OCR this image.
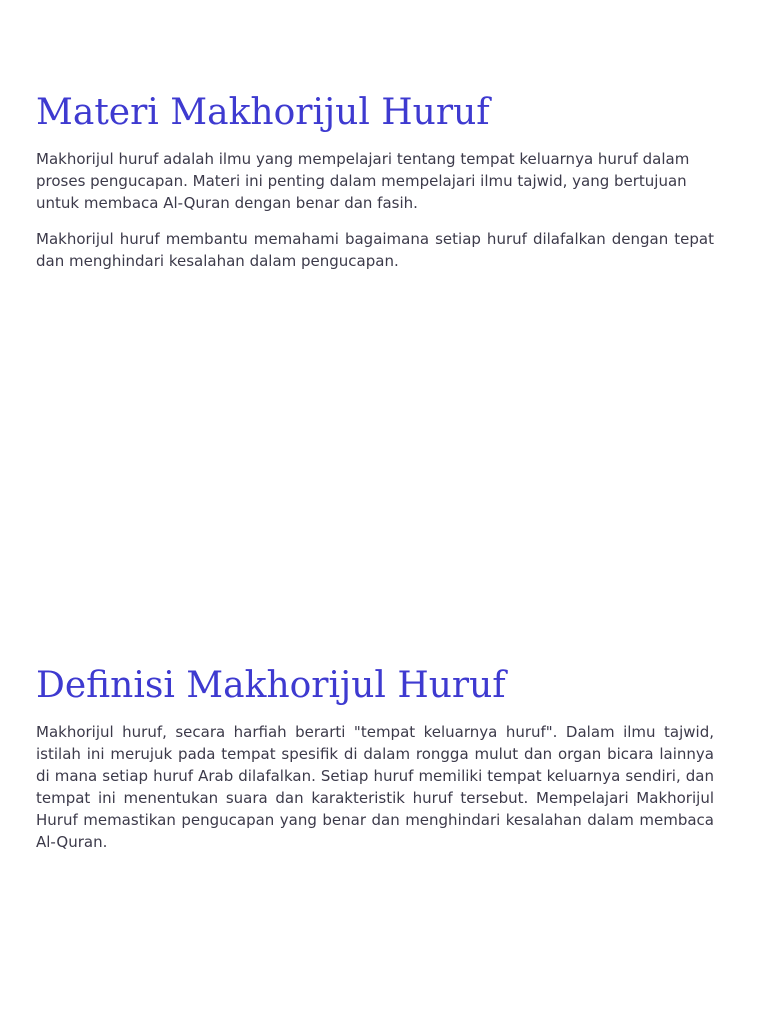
Materi Makhorijul Huruf

Makhorijul huruf adalah ilmu yang mempelajari tentang tempat keluarnya huruf dalam proses pengucapan. Materi ini penting dalam mempelajari ilmu tajwid, yang bertujuan untuk membaca Al-Quran dengan benar dan fasih.

Makhorijul huruf membantu memahami bagaimana setiap huruf dilafalkan dengan tepat dan menghindari kesalahan dalam pengucapan.

Definisi Makhorijul Huruf

Makhorijul huruf, secara harfiah berarti "tempat keluarnya huruf". Dalam ilmu tajwid, istilah ini merujuk pada tempat spesifik di dalam rongga mulut dan organ bicara lainnya di mana setiap huruf Arab dilafalkan. Setiap huruf memiliki tempat keluarnya sendiri, dan tempat ini menentukan suara dan karakteristik huruf tersebut. Mempelajari Makhorijul Huruf memastikan pengucapan yang benar dan menghindari kesalahan dalam membaca Al-Quran.
